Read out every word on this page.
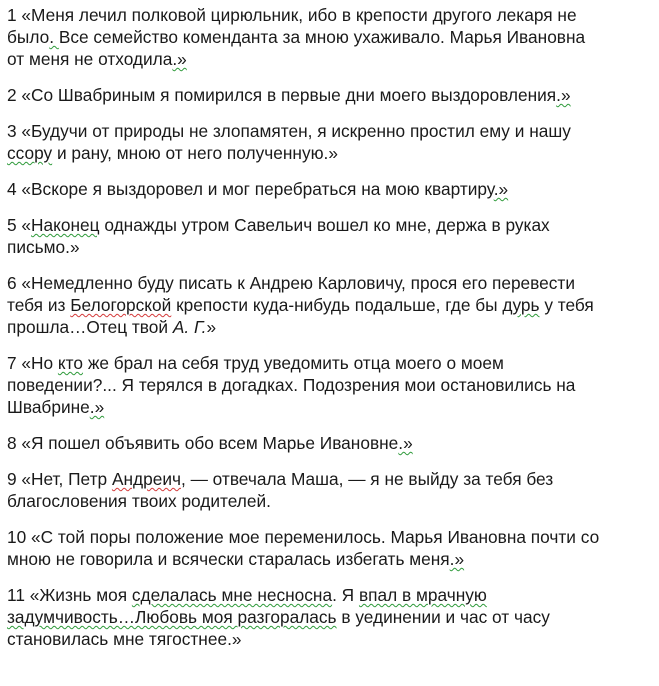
1 «Меня лечил полковой цирюльник, ибо в крепости другого лекаря не
было. Все семейство коменданта за мною ухаживало. Марья Ивановна
от меня не отходила.»
2 «Со Швабриным я помирился в первые дни моего выздоровления.»
3 «Будучи от природы не злопамятен, я искренно простил ему и нашу
ссору и рану, мною от него полученную.»
4 «Вскоре я выздоровел и мог перебраться на мою квартиру.»
5 «Наконец однажды утром Савельич вошел ко мне, держа в руках
письмо.»
6 «Немедленно буду писать к Андрею Карловичу, прося его перевести
тебя из Белогорской крепости куда-нибудь подальше, где бы дурь у тебя
прошла…Отец твой А. Г.»
7 «Но кто же брал на себя труд уведомить отца моего о моем
поведении?... Я терялся в догадках. Подозрения мои остановились на
Швабрине.»
8 «Я пошел объявить обо всем Марье Ивановне.»
9 «Нет, Петр Андреич, — отвечала Маша, — я не выйду за тебя без
благословения твоих родителей.
10 «С той поры положение мое переменилось. Марья Ивановна почти со
мною не говорила и всячески старалась избегать меня.»
11 «Жизнь моя сделалась мне несносна. Я впал в мрачную
задумчивость…Любовь моя разгоралась в уединении и час от часу
становилась мне тягостнее.»
